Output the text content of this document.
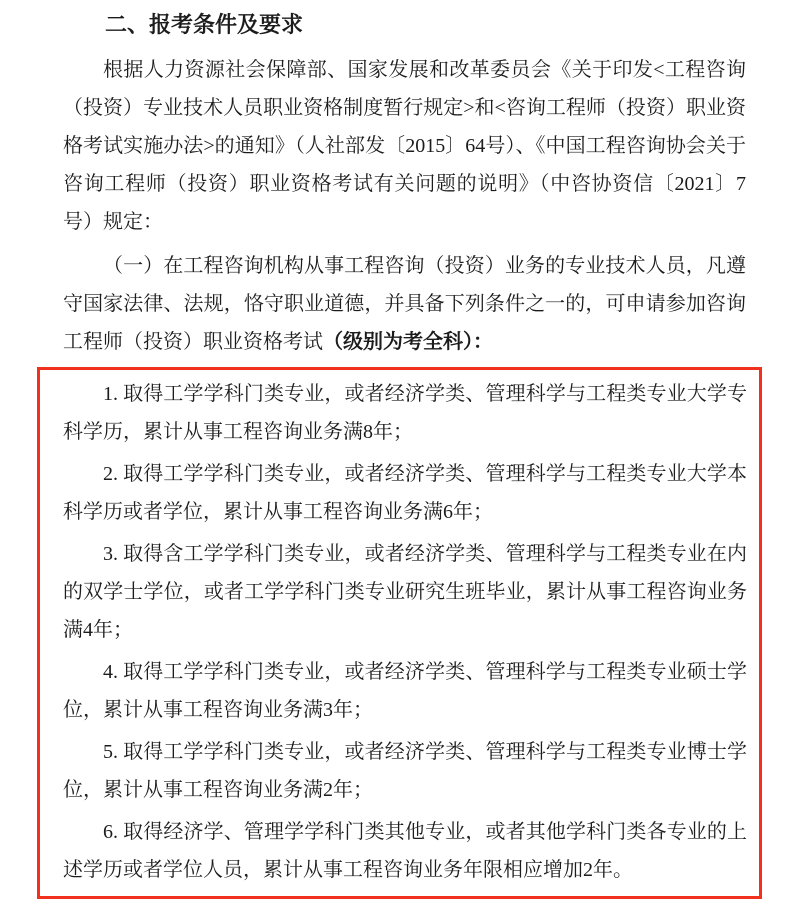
二、报考条件及要求

根据人力资源社会保障部、国家发展和改革委员会《关于印发<工程咨询（投资）专业技术人员职业资格制度暂行规定>和<咨询工程师（投资）职业资格考试实施办法>的通知》（人社部发〔2015〕64号）、《中国工程咨询协会关于咨询工程师（投资）职业资格考试有关问题的说明》（中咨协资信〔2021〕7号）规定：

（一）在工程咨询机构从事工程咨询（投资）业务的专业技术人员，凡遵守国家法律、法规，恪守职业道德，并具备下列条件之一的，可申请参加咨询工程师（投资）职业资格考试（级别为考全科）：

1. 取得工学学科门类专业，或者经济学类、管理科学与工程类专业大学专科学历，累计从事工程咨询业务满8年；

2. 取得工学学科门类专业，或者经济学类、管理科学与工程类专业大学本科学历或者学位，累计从事工程咨询业务满6年；

3. 取得含工学学科门类专业，或者经济学类、管理科学与工程类专业在内的双学士学位，或者工学学科门类专业研究生班毕业，累计从事工程咨询业务满4年；

4. 取得工学学科门类专业，或者经济学类、管理科学与工程类专业硕士学位，累计从事工程咨询业务满3年；

5. 取得工学学科门类专业，或者经济学类、管理科学与工程类专业博士学位，累计从事工程咨询业务满2年；

6. 取得经济学、管理学学科门类其他专业，或者其他学科门类各专业的上述学历或者学位人员，累计从事工程咨询业务年限相应增加2年。
